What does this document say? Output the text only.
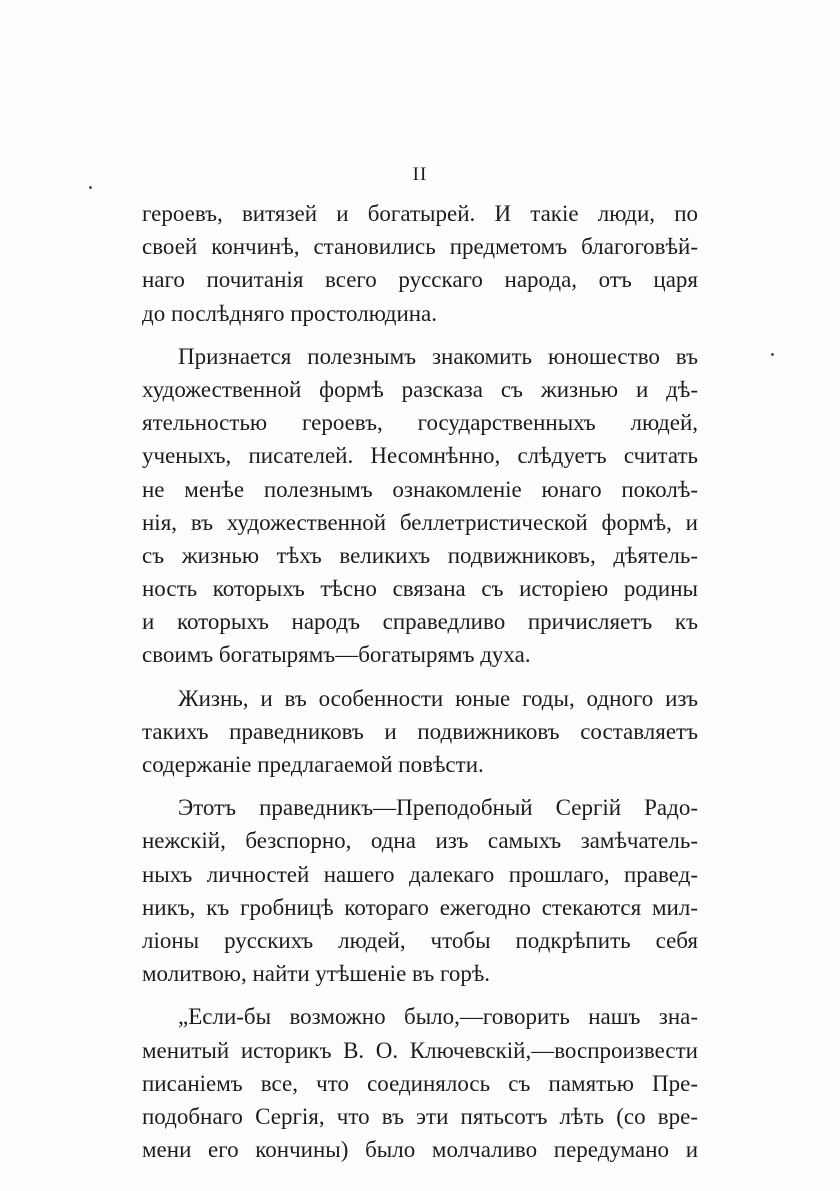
II
героевъ, витязей и богатырей. И такіе люди, по
своей кончинѣ, становились предметомъ благоговѣй-
наго почитанія всего русскаго народа, отъ царя
до послѣдняго простолюдина.
Признается полезнымъ знакомить юношество въ
художественной формѣ разсказа съ жизнью и дѣ-
ятельностью героевъ, государственныхъ людей,
ученыхъ, писателей. Несомнѣнно, слѣдуетъ считать
не менѣе полезнымъ ознакомленіе юнаго поколѣ-
нія, въ художественной беллетристической формѣ, и
съ жизнью тѣхъ великихъ подвижниковъ, дѣятель-
ность которыхъ тѣсно связана съ исторіею родины
и которыхъ народъ справедливо причисляетъ къ
своимъ богатырямъ—богатырямъ духа.
Жизнь, и въ особенности юные годы, одного изъ
такихъ праведниковъ и подвижниковъ составляетъ
содержаніе предлагаемой повѣсти.
Этотъ праведникъ—Преподобный Сергій Радо-
нежскій, безспорно, одна изъ самыхъ замѣчатель-
ныхъ личностей нашего далекаго прошлаго, правед-
никъ, къ гробницѣ котораго ежегодно стекаются мил-
ліоны русскихъ людей, чтобы подкрѣпить себя
молитвою, найти утѣшеніе въ горѣ.
„Если-бы возможно было,—говорить нашъ зна-
менитый историкъ В. О. Ключевскій,—воспроизвести
писаніемъ все, что соединялось съ памятью Пре-
подобнаго Сергія, что въ эти пятьсотъ лѣть (со вре-
мени его кончины) было молчаливо передумано и
